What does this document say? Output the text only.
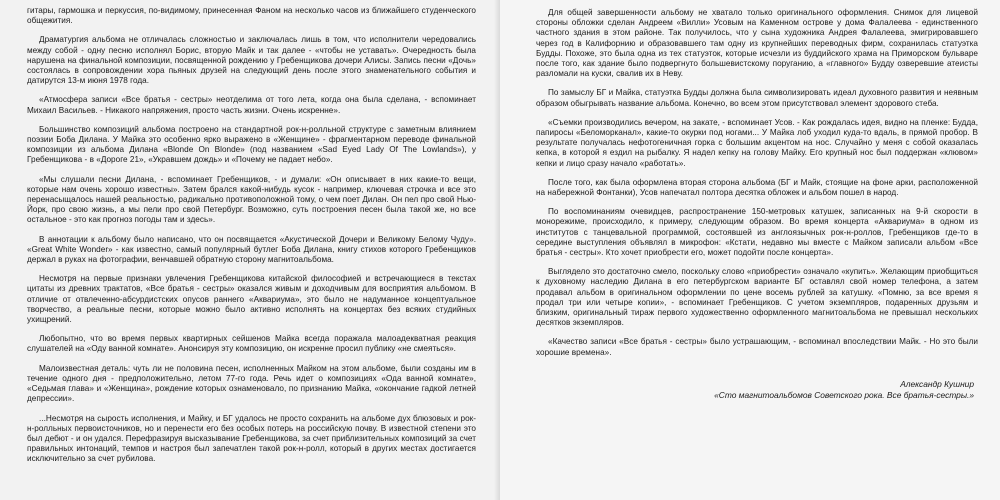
гитары, гармошка и перкуссия, по-видимому, принесенная Фаном на несколько часов из ближайшего студенческого общежития.

Драматургия альбома не отличалась сложностью и заключалась лишь в том, что исполнители чередовались между собой - одну песню исполнял Борис, вторую Майк и так далее - «чтобы не уставать». Очередность была нарушена на финальной композиции, посвященной рождению у Гребенщикова дочери Алисы. Запись песни «Дочь» состоялась в сопровождении хора пьяных друзей на следующий день после этого знаменательного события и датирутся 13-м июня 1978 года.

«Атмосфера записи «Все братья - сестры» неотделима от того лета, когда она была сделана, - вспоминает Михаил Васильев. - Никакого напряжения, просто часть жизни. Очень искренне».

Большинство композиций альбома построено на стандартной рок-н-ролльной структуре с заметным влиянием поэзии Боба Дилана. У Майка это особенно ярко выражено в «Женщине» - фрагментарном переводе финальной композиции из альбома Дилана «Blonde On Blonde» (под названием «Sad Eyed Lady Of The Lowlands»), у Гребенщикова - в «Дороге 21», «Укравшем дождь» и «Почему не падает небо».

«Мы слушали песни Дилана, - вспоминает Гребенщиков, - и думали: «Он описывает в них какие-то вещи, которые нам очень хорошо известны». Затем брался какой-нибудь кусок - например, ключевая строчка и все это перенасыщалось нашей реальностью, радикально противоположной тому, о чем поет Дилан. Он пел про свой Нью-Йорк, про свою жизнь, а мы пели про свой Петербург. Возможно, суть построения песен была такой же, но все остальное - это как прогноз погоды там и здесь».

В аннотации к альбому было написано, что он посвящается «Акустической Дочери и Великому Белому Чуду». «Great White Wonder» - как известно, самый популярный бутлег Боба Дилана, книгу стихов которого Гребенщиков держал в руках на фотографии, венчавшей обратную сторону магнитоальбома.

Несмотря на первые признаки увлечения Гребенщикова китайской философией и встречающиеся в текстах цитаты из древних трактатов, «Все братья - сестры» оказался живым и доходчивым для восприятия альбомом. В отличие от отвлеченно-абсурдистских опусов раннего «Аквариума», это было не надуманное концептуальное творчество, а реальные песни, которые можно было активно исполнять на концертах без всяких студийных ухищрений.

Любопытно, что во время первых квартирных сейшенов Майка всегда поражала малоадекватная реакция слушателей на «Оду ванной комнате». Анонсируя эту композицию, он искренне просил публику «не смеяться».

Малоизвестная деталь: чуть ли не половина песен, исполненных Майком на этом альбоме, были созданы им в течение одного дня - предположительно, летом 77-го года. Речь идет о композициях «Ода ванной комнате», «Седьмая глава» и «Женщина», рождение которых ознаменовало, по признанию Майка, «окончание гадкой летней депрессии».

...Несмотря на сырость исполнения, и Майку, и БГ удалось не просто сохранить на альбоме дух блюзовых и рок-н-ролльных первоисточников, но и перенести его без особых потерь на российскую почву. В известной степени это был дебют - и он удался. Перефразируя высказывание Гребенщикова, за счет приблизительных композиций за счет правильных интонаций, темпов и настроя был запечатлен такой рок-н-ролл, который в других местах достигается исключительно за счет рубилова.

Для общей завершенности альбому не хватало только оригинального оформления. Снимок для лицевой стороны обложки сделан Андреем «Вилли» Усовым на Каменном острове у дома Фалалеева - единственного частного здания в этом районе. Так получилось, что у сына художника Андрея Фалалеева, эмигрировавшего через год в Калифорнию и образовавшего там одну из крупнейших переводных фирм, сохранилась статуэтка Будды. Похоже, это была одна из тех статуэток, которые исчезли из буддийского храма на Приморском бульваре после того, как здание было подвергнуто большевистскому поруганию, а «главного» Будду озверевшие атеисты разломали на куски, свалив их в Неву.

По замыслу БГ и Майка, статуэтка Будды должна была символизировать идеал духовного развития и неявным образом обыгрывать название альбома. Конечно, во всем этом присутствовал элемент здорового стеба.

«Съемки производились вечером, на закате, - вспоминает Усов. - Как рождалась идея, видно на пленке: Будда, папиросы «Беломорканал», какие-то окурки под ногами... У Майка лоб уходил куда-то вдаль, в прямой пробор. В результате получалась нефотогеничная горка с большим акцентом на нос. Случайно у меня с собой оказалась кепка, в которой я ездил на рыбалку. Я надел кепку на голову Майку. Его крупный нос был поддержан «клювом» кепки и лицо сразу начало «работать».

После того, как была оформлена вторая сторона альбома (БГ и Майк, стоящие на фоне арки, расположенной на набережной Фонтанки), Усов напечатал полтора десятка обложек и альбом пошел в народ.

По воспоминаниям очевидцев, распространение 150-метровых катушек, записанных на 9-й скорости в монорежиме, происходило, к примеру, следующим образом. Во время концерта «Аквариума» в одном из институтов с танцевальной программой, состоявшей из англоязычных рок-н-роллов, Гребенщиков где-то в середине выступления объявлял в микрофон: «Кстати, недавно мы вместе с Майком записали альбом «Все братья - сестры». Кто хочет приобрести его, может подойти после концерта».

Выглядело это достаточно смело, поскольку слово «приобрести» означало «купить». Желающим приобщиться к духовному наследию Дилана в его петербургском варианте БГ оставлял свой номер телефона, а затем продавал альбом в оригинальном оформлении по цене восемь рублей за катушку. «Помню, за все время я продал три или четыре копии», - вспоминает Гребенщиков. С учетом экземпляров, подаренных друзьям и близким, оригинальный тираж первого художественно оформленного магнитоальбома не превышал нескольких десятков экземпляров.

«Качество записи «Все братья - сестры» было устрашающим, - вспоминал впоследствии Майк. - Но это были хорошие времена».

Александр Кушнир
«Сто магнитоальбомов Советского рока. Все братья-сестры.»
